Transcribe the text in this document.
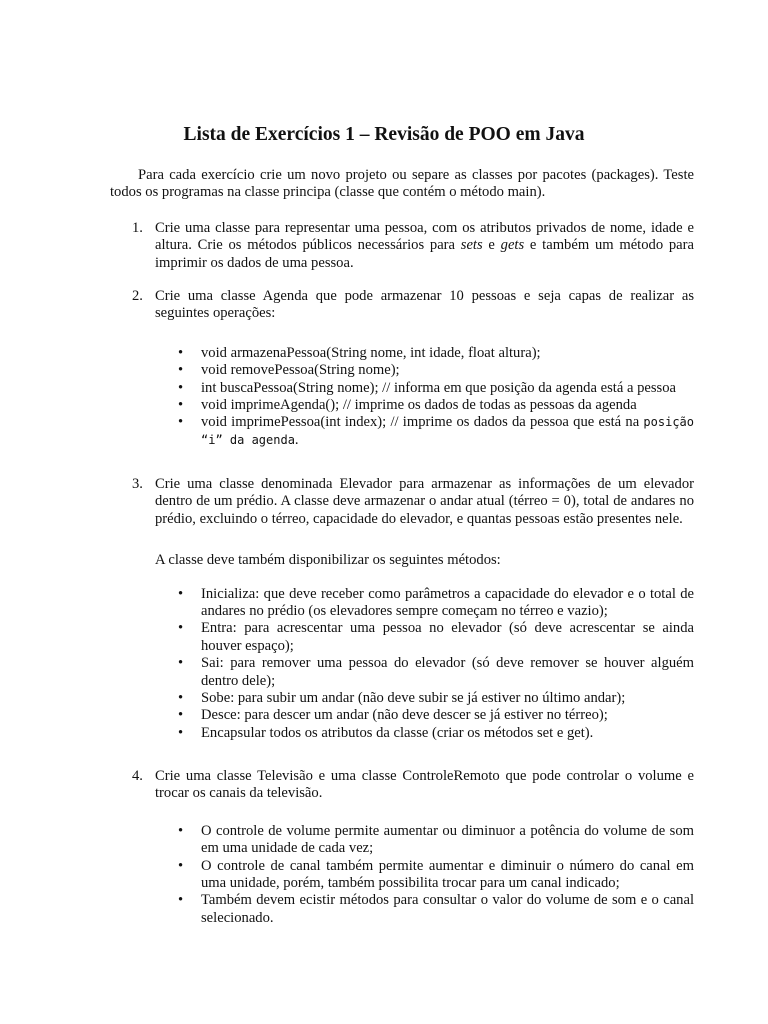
Lista de Exercícios 1 – Revisão de POO em Java

Para cada exercício crie um novo projeto ou separe as classes por pacotes (packages). Teste todos os programas na classe principa (classe que contém o método main).

1. Crie uma classe para representar uma pessoa, com os atributos privados de nome, idade e altura. Crie os métodos públicos necessários para sets e gets e também um método para imprimir os dados de uma pessoa.
2. Crie uma classe Agenda que pode armazenar 10 pessoas e seja capas de realizar as seguintes operações:
• void armazenaPessoa(String nome, int idade, float altura);
• void removePessoa(String nome);
• int buscaPessoa(String nome); // informa em que posição da agenda está a pessoa
• void imprimeAgenda(); // imprime os dados de todas as pessoas da agenda
• void imprimePessoa(int index); // imprime os dados da pessoa que está na posição “i” da agenda.
3. Crie uma classe denominada Elevador para armazenar as informações de um elevador dentro de um prédio. A classe deve armazenar o andar atual (térreo = 0), total de andares no prédio, excluindo o térreo, capacidade do elevador, e quantas pessoas estão presentes nele.
A classe deve também disponibilizar os seguintes métodos:
• Inicializa: que deve receber como parâmetros a capacidade do elevador e o total de andares no prédio (os elevadores sempre começam no térreo e vazio);
• Entra: para acrescentar uma pessoa no elevador (só deve acrescentar se ainda houver espaço);
• Sai: para remover uma pessoa do elevador (só deve remover se houver alguém dentro dele);
• Sobe: para subir um andar (não deve subir se já estiver no último andar);
• Desce: para descer um andar (não deve descer se já estiver no térreo);
• Encapsular todos os atributos da classe (criar os métodos set e get).
4. Crie uma classe Televisão e uma classe ControleRemoto que pode controlar o volume e trocar os canais da televisão.
• O controle de volume permite aumentar ou diminuor a potência do volume de som em uma unidade de cada vez;
• O controle de canal também permite aumentar e diminuir o número do canal em uma unidade, porém, também possibilita trocar para um canal indicado;
• Também devem ecistir métodos para consultar o valor do volume de som e o canal selecionado.
